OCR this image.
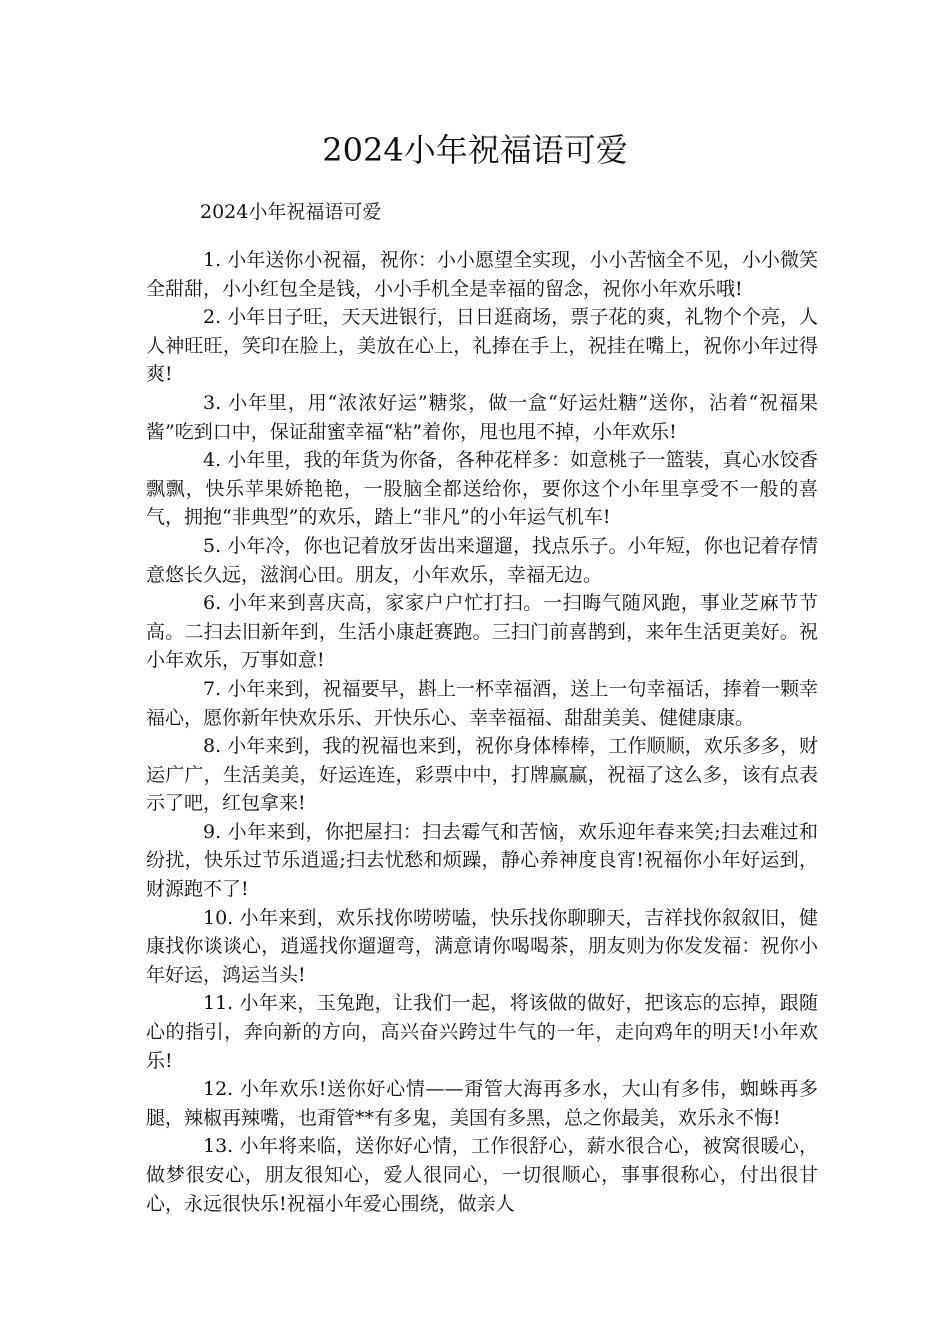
2024小年祝福语可爱

2024小年祝福语可爱

1. 小年送你小祝福，祝你：小小愿望全实现，小小苦恼全不见，小小微笑全甜甜，小小红包全是钱，小小手机全是幸福的留念，祝你小年欢乐哦!

2. 小年日子旺，天天进银行，日日逛商场，票子花的爽，礼物个个亮，人人神旺旺，笑印在脸上，美放在心上，礼捧在手上，祝挂在嘴上，祝你小年过得爽!

3. 小年里，用“浓浓好运”糖浆，做一盒“好运灶糖”送你，沾着“祝福果酱”吃到口中，保证甜蜜幸福“粘”着你，甩也甩不掉，小年欢乐!

4. 小年里，我的年货为你备，各种花样多：如意桃子一篮装，真心水饺香飘飘，快乐苹果娇艳艳，一股脑全都送给你，要你这个小年里享受不一般的喜气，拥抱“非典型”的欢乐，踏上“非凡”的小年运气机车!

5. 小年冷，你也记着放牙齿出来遛遛，找点乐子。小年短，你也记着存情意悠长久远，滋润心田。朋友，小年欢乐，幸福无边。

6. 小年来到喜庆高，家家户户忙打扫。一扫晦气随风跑，事业芝麻节节高。二扫去旧新年到，生活小康赶赛跑。三扫门前喜鹊到，来年生活更美好。祝小年欢乐，万事如意!

7. 小年来到，祝福要早，斟上一杯幸福酒，送上一句幸福话，捧着一颗幸福心，愿你新年快欢乐乐、开快乐心、幸幸福福、甜甜美美、健健康康。

8. 小年来到，我的祝福也来到，祝你身体棒棒，工作顺顺，欢乐多多，财运广广，生活美美，好运连连，彩票中中，打牌赢赢，祝福了这么多，该有点表示了吧，红包拿来!

9. 小年来到，你把屋扫：扫去霉气和苦恼，欢乐迎年春来笑;扫去难过和纷扰，快乐过节乐逍遥;扫去忧愁和烦躁，静心养神度良宵!祝福你小年好运到，财源跑不了!

10. 小年来到，欢乐找你唠唠嗑，快乐找你聊聊天，吉祥找你叙叙旧，健康找你谈谈心，逍遥找你遛遛弯，满意请你喝喝茶，朋友则为你发发福：祝你小年好运，鸿运当头!

11. 小年来，玉兔跑，让我们一起，将该做的做好，把该忘的忘掉，跟随心的指引，奔向新的方向，高兴奋兴跨过牛气的一年，走向鸡年的明天!小年欢乐!

12. 小年欢乐!送你好心情——甭管大海再多水，大山有多伟，蜘蛛再多腿，辣椒再辣嘴，也甭管**有多鬼，美国有多黑，总之你最美，欢乐永不悔!

13. 小年将来临，送你好心情，工作很舒心，薪水很合心，被窝很暖心，做梦很安心，朋友很知心，爱人很同心，一切很顺心，事事很称心，付出很甘心，永远很快乐!祝福小年爱心围绕，做亲人
